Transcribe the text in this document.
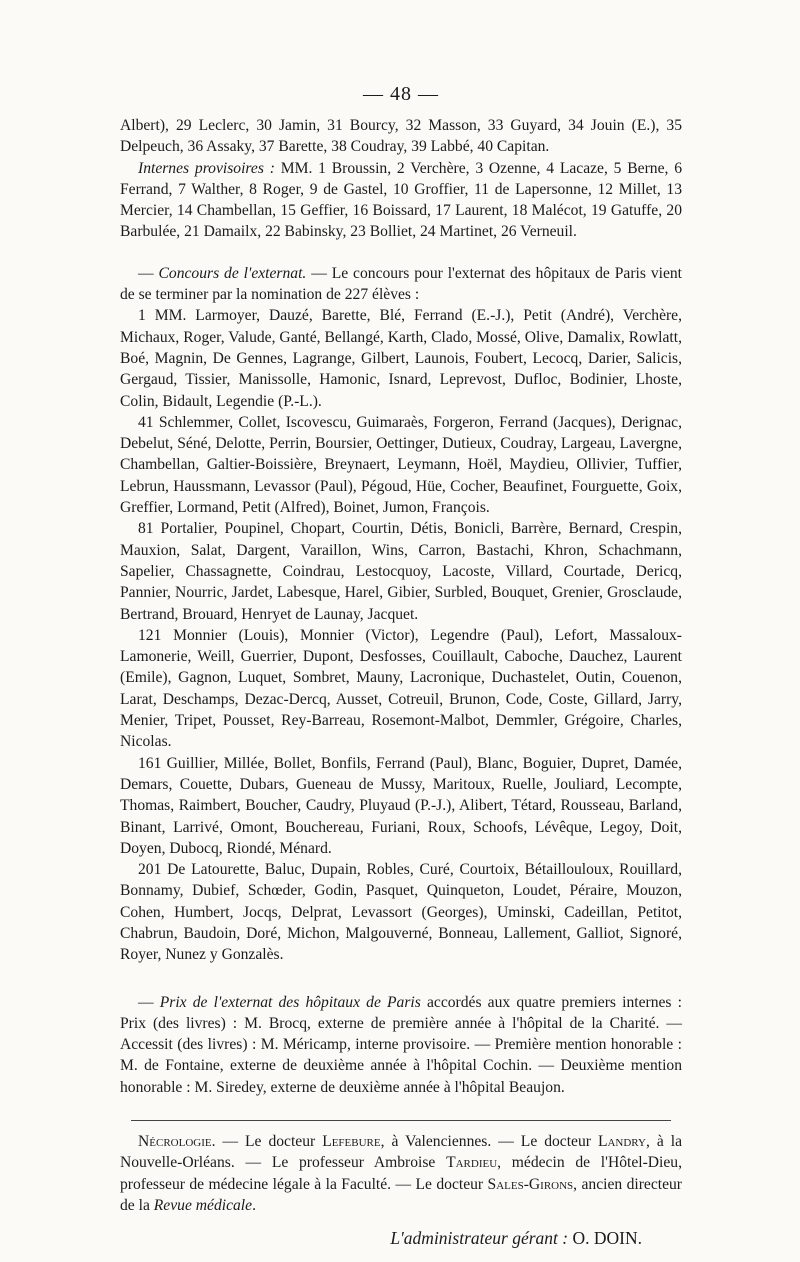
— 48 —

Albert), 29 Leclerc, 30 Jamin, 31 Bourcy, 32 Masson, 33 Guyard, 34 Jouin (E.), 35 Delpeuch, 36 Assaky, 37 Barette, 38 Coudray, 39 Labbé, 40 Capitan.

Internes provisoires : MM. 1 Broussin, 2 Verchère, 3 Ozenne, 4 Lacaze, 5 Berne, 6 Ferrand, 7 Walther, 8 Roger, 9 de Gastel, 10 Groffier, 11 de Lapersonne, 12 Millet, 13 Mercier, 14 Chambellan, 15 Geffier, 16 Boissard, 17 Laurent, 18 Malécot, 19 Gatuffe, 20 Barbulée, 21 Damailx, 22 Babinsky, 23 Bolliet, 24 Martinet, 26 Verneuil.

— Concours de l'externat. — Le concours pour l'externat des hôpitaux de Paris vient de se terminer par la nomination de 227 élèves :

1 MM. Larmoyer, Dauzé, Barette, Blé, Ferrand (E.-J.), Petit (André), Verchère, Michaux, Roger, Valude, Ganté, Bellangé, Karth, Clado, Mossé, Olive, Damalix, Rowlatt, Boé, Magnin, De Gennes, Lagrange, Gilbert, Launois, Foubert, Lecocq, Darier, Salicis, Gergaud, Tissier, Manissolle, Hamonic, Isnard, Leprevost, Dufloc, Bodinier, Lhoste, Colin, Bidault, Legendie (P.-L.).

41 Schlemmer, Collet, Iscovescu, Guimaraès, Forgeron, Ferrand (Jacques), Derignac, Debelut, Séné, Delotte, Perrin, Boursier, Oettinger, Dutieux, Coudray, Largeau, Lavergne, Chambellan, Galtier-Boissière, Breynaert, Leymann, Hoël, Maydieu, Ollivier, Tuffier, Lebrun, Haussmann, Levassor (Paul), Pégoud, Hüe, Cocher, Beaufinet, Fourguette, Goix, Greffier, Lormand, Petit (Alfred), Boinet, Jumon, François.

81 Portalier, Poupinel, Chopart, Courtin, Détis, Bonicli, Barrère, Bernard, Crespin, Mauxion, Salat, Dargent, Varaillon, Wins, Carron, Bastachi, Khron, Schachmann, Sapelier, Chassagnette, Coindrau, Lestocquoy, Lacoste, Villard, Courtade, Dericq, Pannier, Nourric, Jardet, Labesque, Harel, Gibier, Surbled, Bouquet, Grenier, Grosclaude, Bertrand, Brouard, Henryet de Launay, Jacquet.

121 Monnier (Louis), Monnier (Victor), Legendre (Paul), Lefort, Massaloux-Lamonerie, Weill, Guerrier, Dupont, Desfosses, Couillault, Caboche, Dauchez, Laurent (Emile), Gagnon, Luquet, Sombret, Mauny, Lacronique, Duchastelet, Outin, Couenon, Larat, Deschamps, Dezac-Dercq, Ausset, Cotreuil, Brunon, Code, Coste, Gillard, Jarry, Menier, Tripet, Pousset, Rey-Barreau, Rosemont-Malbot, Demmler, Grégoire, Charles, Nicolas.

161 Guillier, Millée, Bollet, Bonfils, Ferrand (Paul), Blanc, Boguier, Dupret, Damée, Demars, Couette, Dubars, Gueneau de Mussy, Maritoux, Ruelle, Jouliard, Lecompte, Thomas, Raimbert, Boucher, Caudry, Pluyaud (P.-J.), Alibert, Tétard, Rousseau, Barland, Binant, Larrivé, Omont, Bouchereau, Furiani, Roux, Schoofs, Lévêque, Legoy, Doit, Doyen, Dubocq, Riondé, Ménard.

201 De Latourette, Baluc, Dupain, Robles, Curé, Courtoix, Bétaillouloux, Rouillard, Bonnamy, Dubief, Schœder, Godin, Pasquet, Quinqueton, Loudet, Péraire, Mouzon, Cohen, Humbert, Jocqs, Delprat, Levassort (Georges), Uminski, Cadeillan, Petitot, Chabrun, Baudoin, Doré, Michon, Malgouverné, Bonneau, Lallement, Galliot, Signoré, Royer, Nunez y Gonzalès.

— Prix de l'externat des hôpitaux de Paris accordés aux quatre premiers internes : Prix (des livres) : M. Brocq, externe de première année à l'hôpital de la Charité. — Accessit (des livres) : M. Méricamp, interne provisoire. — Première mention honorable : M. de Fontaine, externe de deuxième année à l'hôpital Cochin. — Deuxième mention honorable : M. Siredey, externe de deuxième année à l'hôpital Beaujon.

Nécrologie. — Le docteur Lefebure, à Valenciennes. — Le docteur Landry, à la Nouvelle-Orléans. — Le professeur Ambroise Tardieu, médecin de l'Hôtel-Dieu, professeur de médecine légale à la Faculté. — Le docteur Sales-Girons, ancien directeur de la Revue médicale.

L'administrateur gérant : O. DOIN.
